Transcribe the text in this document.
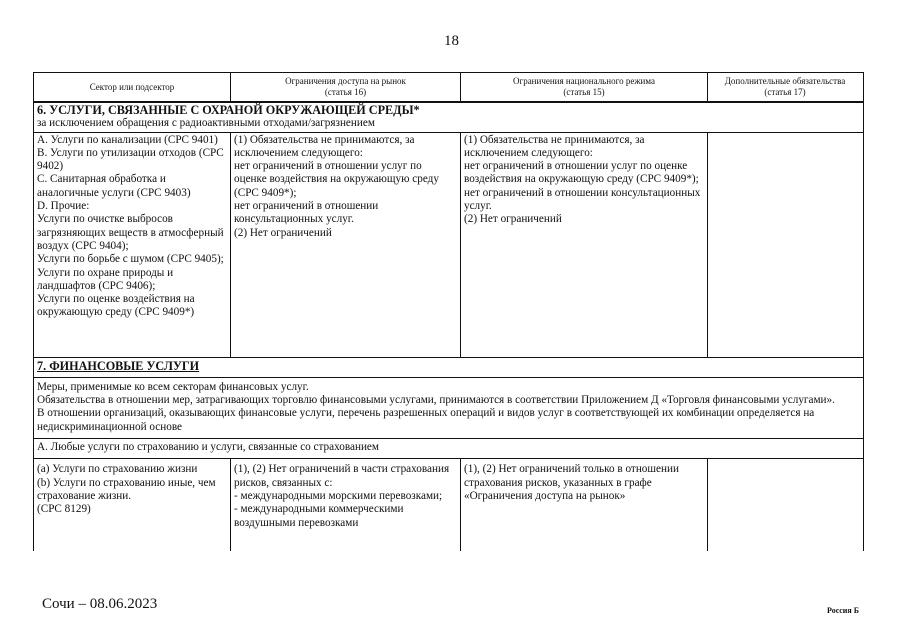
18
Сектор или подсектор
Ограничения доступа на рынок
(статья 16)
Ограничения национального режима
(статья 15)
Дополнительные обязательства
(статья 17)
6. УСЛУГИ, СВЯЗАННЫЕ С ОХРАНОЙ ОКРУЖАЮЩЕЙ СРЕДЫ*
за исключением обращения с радиоактивными отходами/загрязнением
A. Услуги по канализации (CPC 9401)
B. Услуги по утилизации отходов (CPC 9402)
C. Санитарная обработка и аналогичные услуги (CPC 9403)
D. Прочие:
Услуги по очистке выбросов загрязняющих веществ в атмосферный воздух (CPC 9404);
Услуги по борьбе с шумом (CPC 9405);
Услуги по охране природы и ландшафтов (CPC 9406);
Услуги по оценке воздействия на окружающую среду (CPC 9409*)
(1) Обязательства не принимаются, за исключением следующего:
нет ограничений в отношении услуг по оценке воздействия на окружающую среду (CPC 9409*);
нет ограничений в отношении консультационных услуг.
(2) Нет ограничений
(1) Обязательства не принимаются, за исключением следующего:
нет ограничений в отношении услуг по оценке воздействия на окружающую среду (CPC 9409*);
нет ограничений в отношении консультационных услуг.
(2) Нет ограничений
7. ФИНАНСОВЫЕ УСЛУГИ
Меры, применимые ко всем секторам финансовых услуг.
Обязательства в отношении мер, затрагивающих торговлю финансовыми услугами, принимаются в соответствии Приложением Д «Торговля финансовыми услугами».
В отношении организаций, оказывающих финансовые услуги, перечень разрешенных операций и видов услуг в соответствующей их комбинации определяется на недискриминационной основе
A. Любые услуги по страхованию и услуги, связанные со страхованием
(a) Услуги по страхованию жизни
(b) Услуги по страхованию иные, чем страхование жизни.
(CPC 8129)
(1), (2) Нет ограничений в части страхования рисков, связанных с:
- международными морскими перевозками;
- международными коммерческими воздушными перевозками
(1), (2) Нет ограничений только в отношении страхования рисков, указанных в графе «Ограничения доступа на рынок»
Сочи – 08.06.2023	Россия Б
